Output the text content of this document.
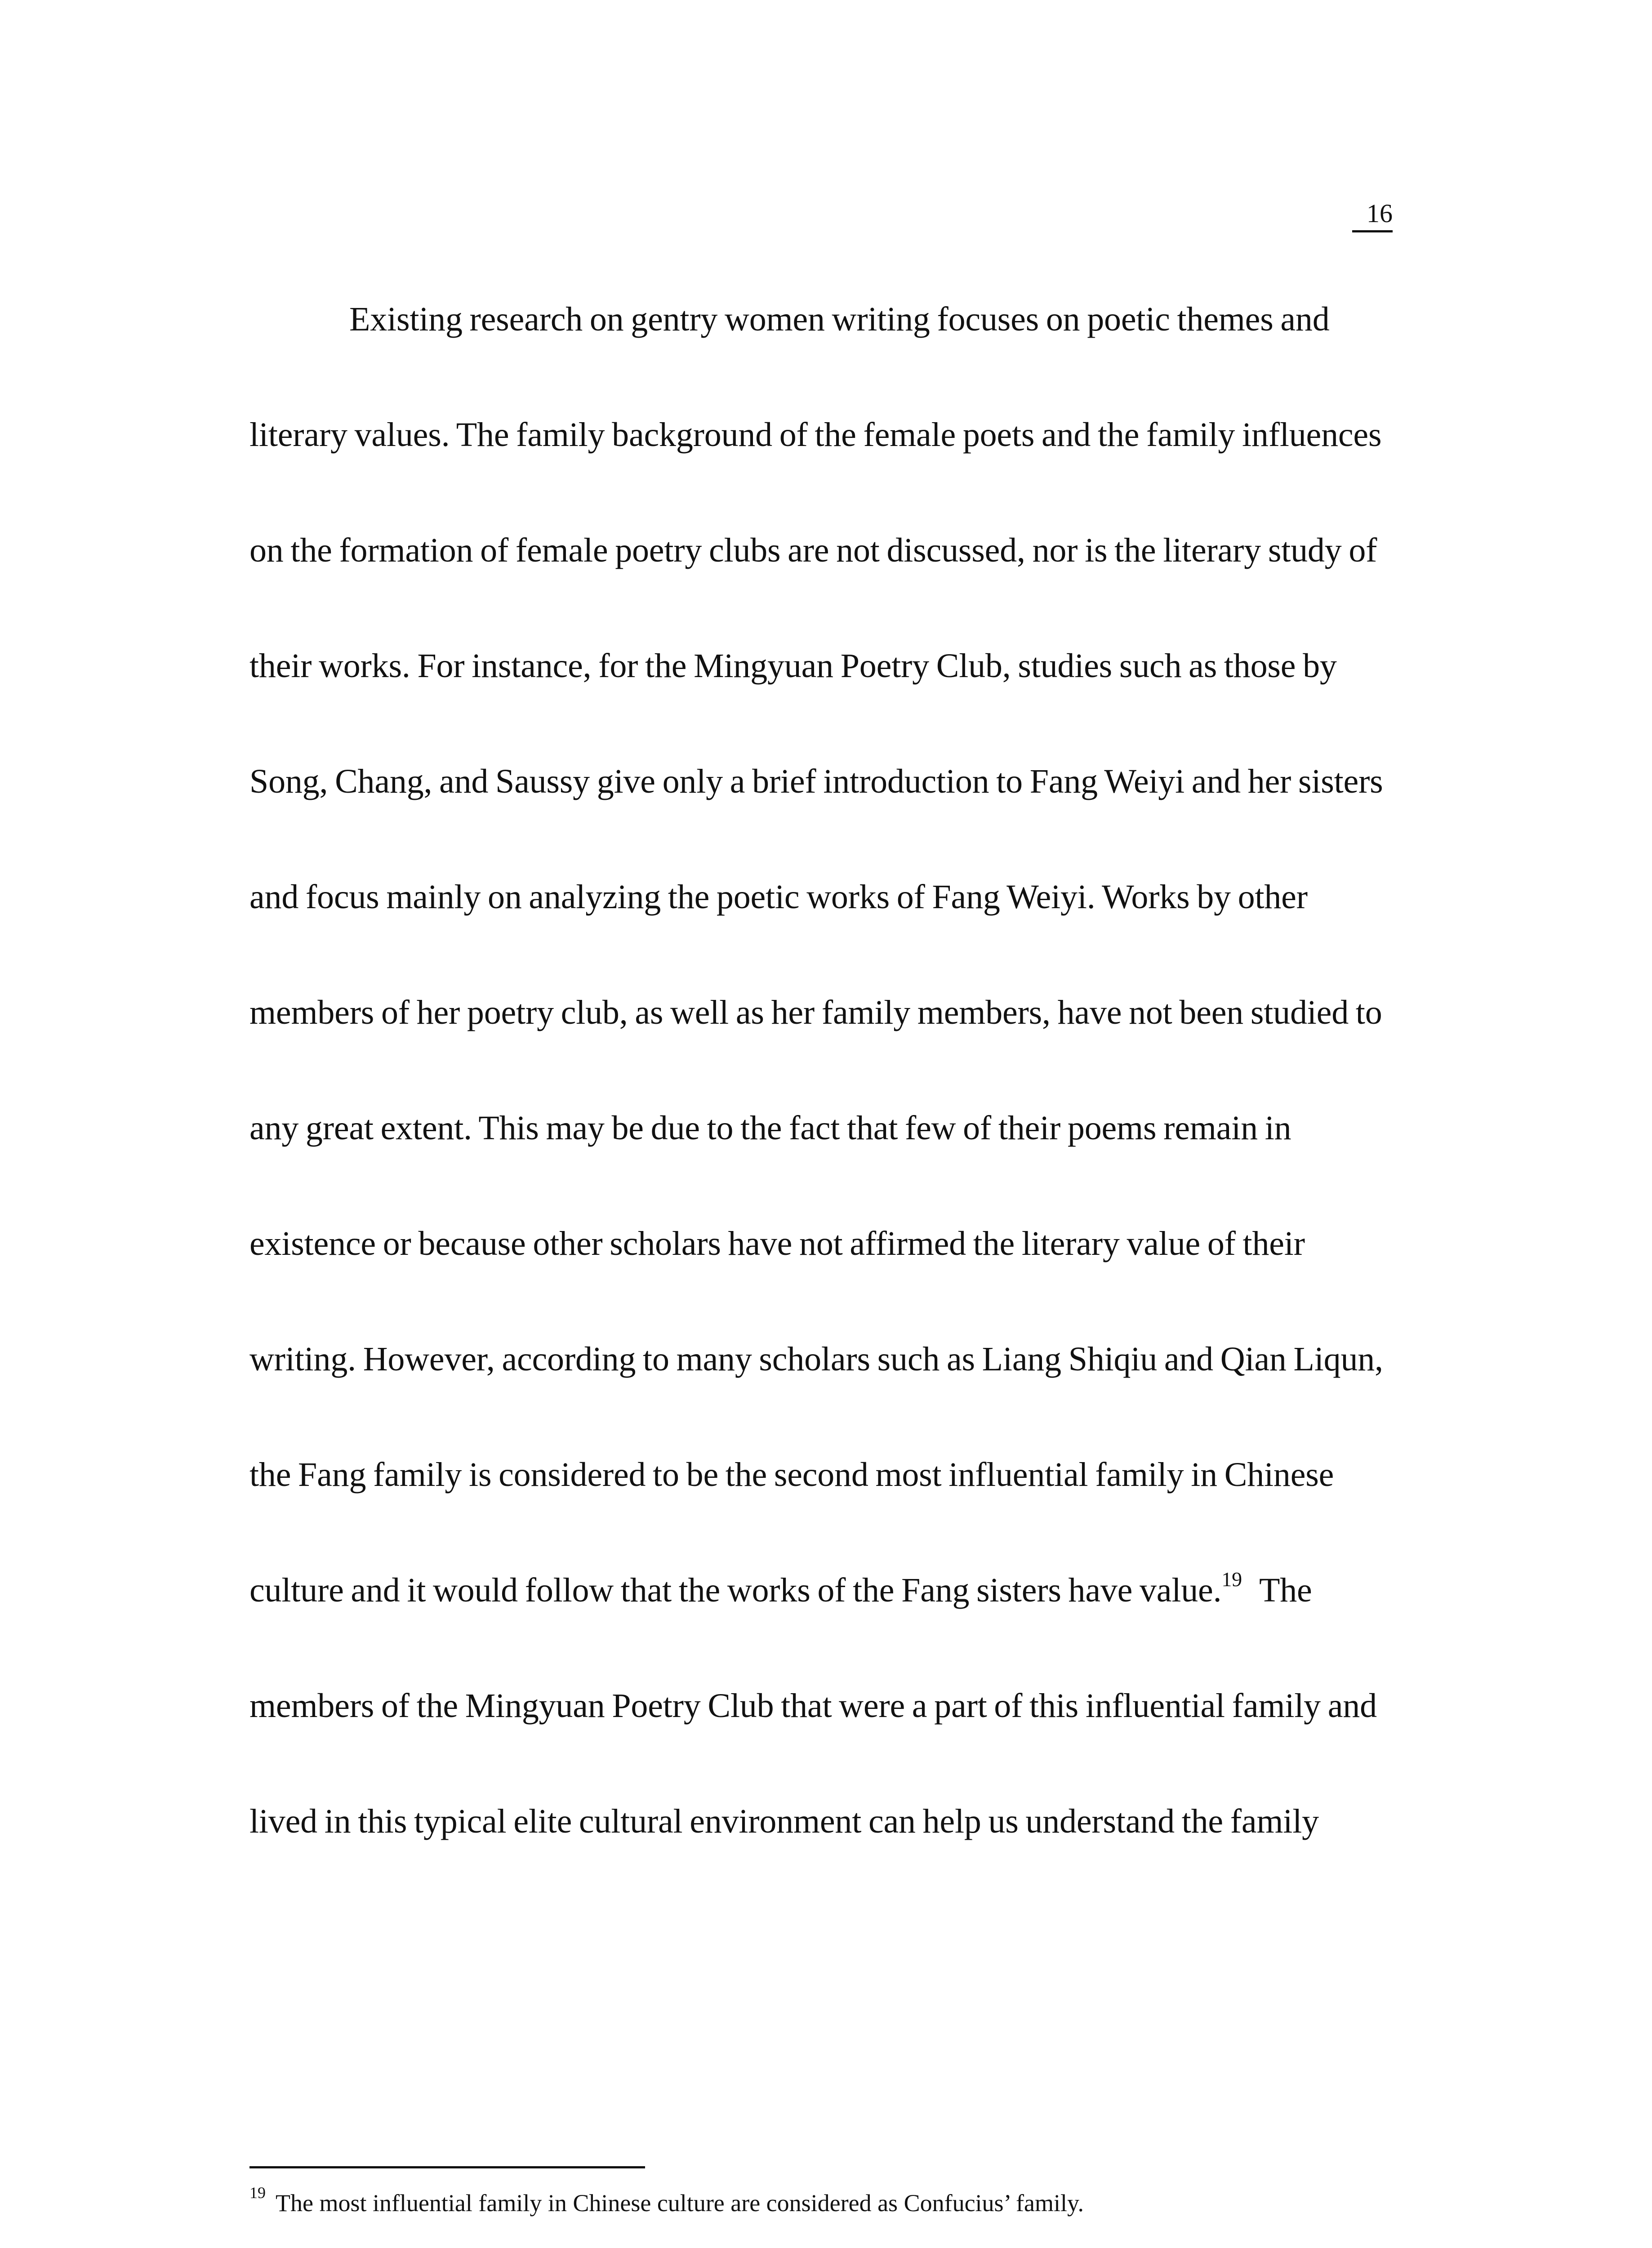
16
Existing research on gentry women writing focuses on poetic themes and
literary values. The family background of the female poets and the family influences
on the formation of female poetry clubs are not discussed, nor is the literary study of
their works. For instance, for the Mingyuan Poetry Club, studies such as those by
Song, Chang, and Saussy give only a brief introduction to Fang Weiyi and her sisters
and focus mainly on analyzing the poetic works of Fang Weiyi. Works by other
members of her poetry club, as well as her family members, have not been studied to
any great extent. This may be due to the fact that few of their poems remain in
existence or because other scholars have not affirmed the literary value of their
writing. However, according to many scholars such as Liang Shiqiu and Qian Liqun,
the Fang family is considered to be the second most influential family in Chinese
culture and it would follow that the works of the Fang sisters have value.$^{19}$ The
members of the Mingyuan Poetry Club that were a part of this influential family and
lived in this typical elite cultural environment can help us understand the family
$^{19}$ The most influential family in Chinese culture are considered as Confucius’ family.
